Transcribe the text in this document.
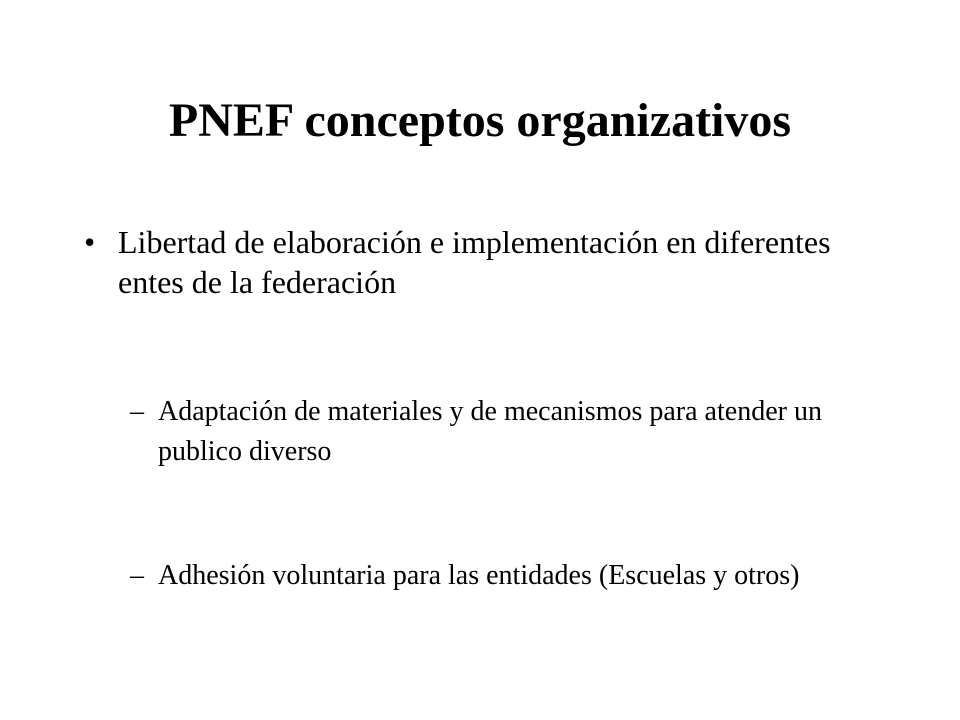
PNEF conceptos organizativos
• Libertad de elaboración e implementación en diferentes entes de la federación
– Adaptación de materiales y de mecanismos para atender un publico diverso
– Adhesión voluntaria para las entidades (Escuelas y otros)
